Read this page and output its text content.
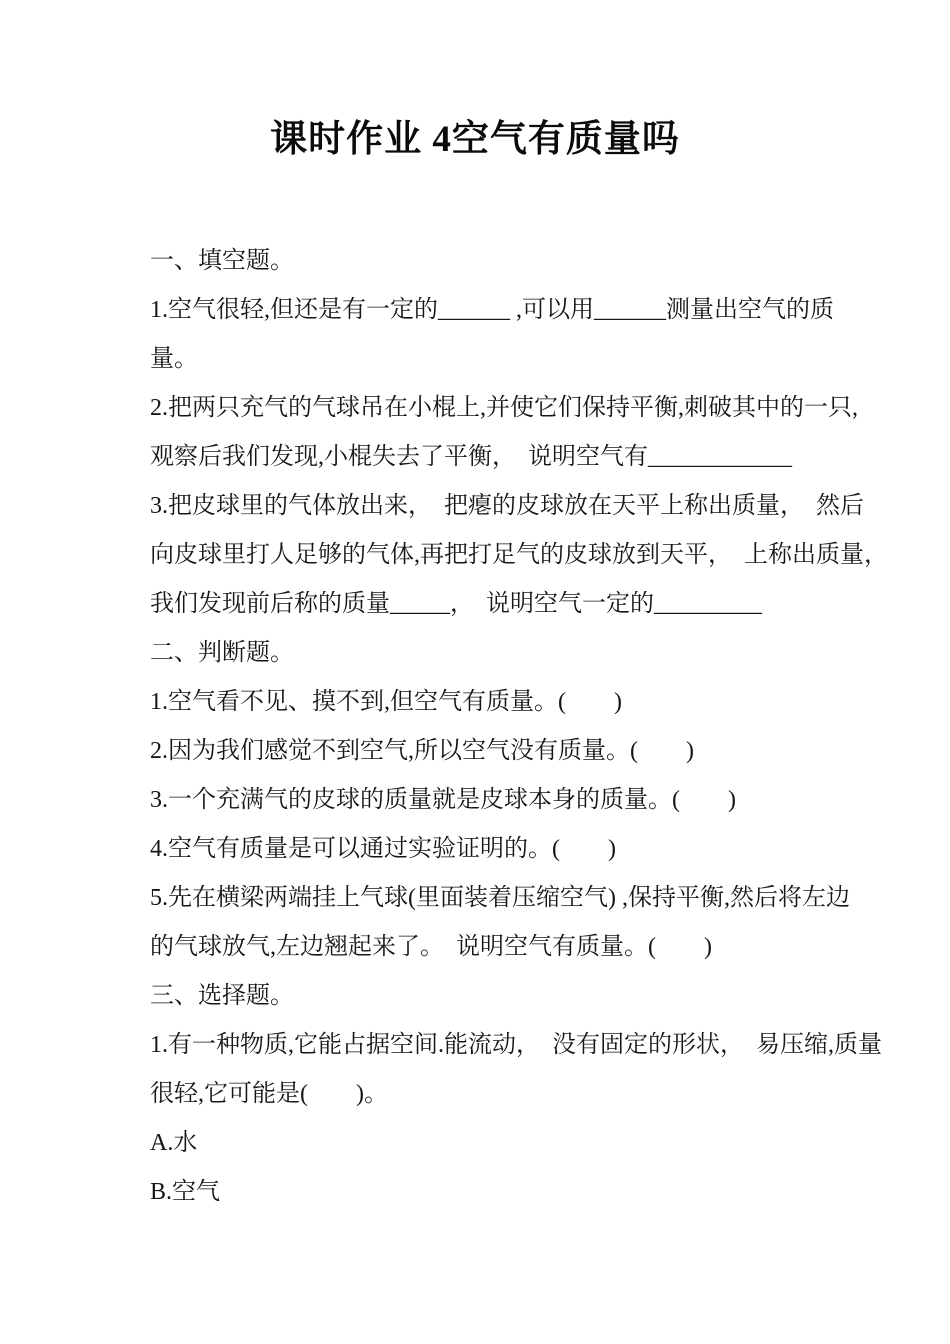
课时作业 4空气有质量吗
一、填空题。
1.空气很轻,但还是有一定的______ ,可以用______测量出空气的质
量。
2.把两只充气的气球吊在小棍上,并使它们保持平衡,刺破其中的一只,
观察后我们发现,小棍失去了平衡，　说明空气有____________
3.把皮球里的气体放出来，　把瘪的皮球放在天平上称出质量，　然后
向皮球里打人足够的气体,再把打足气的皮球放到天平，　上称出质量，
我们发现前后称的质量_____，　说明空气一定的_________
二、判断题。
1.空气看不见、摸不到,但空气有质量。(　　)
2.因为我们感觉不到空气,所以空气没有质量。(　　)
3.一个充满气的皮球的质量就是皮球本身的质量。(　　)
4.空气有质量是可以通过实验证明的。(　　)
5.先在横梁两端挂上气球(里面装着压缩空气) ,保持平衡,然后将左边
的气球放气,左边翘起来了。　说明空气有质量。(　　)
三、选择题。
1.有一种物质,它能占据空间.能流动，　没有固定的形状，　易压缩,质量
很轻,它可能是(　　)。
A.水
B.空气
